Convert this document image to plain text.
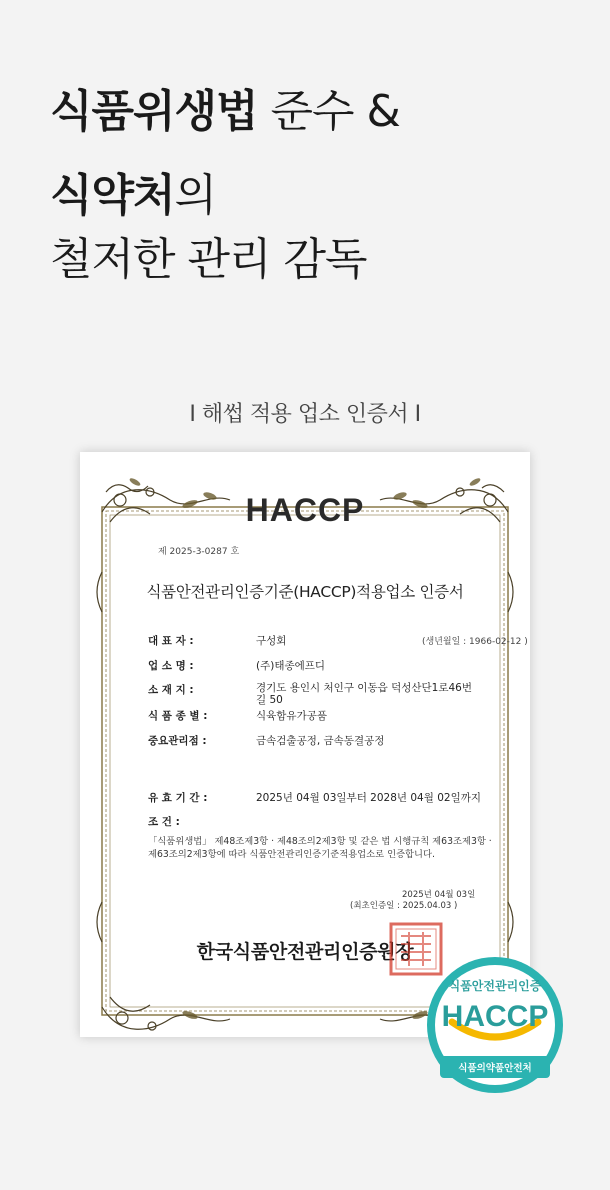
식품위생법 준수 &
식약처의
철저한 관리 감독
I 해썹 적용 업소 인증서 I
HACCP
제 2025-3-0287 호
식품안전관리인증기준(HACCP)적용업소 인증서
대 표 자 :	구성회	(생년월일 : 1966-02-12 )
업 소 명 :	(주)태종에프디
소 재 지 :	경기도 용인시 처인구 이동읍 덕성산단1로46번길 50
식 품 종 별 :	식육함유가공품
중요관리점 :	금속검출공정, 금속동결공정
유 효 기 간 :	2025년 04월 03일부터 2028년 04월 02일까지
조 건 :
「식품위생법」 제48조제3항 · 제48조의2제3항 및 같은 법 시행규칙 제63조제3항 · 제63조의2제3항에 따라 식품안전관리인증기준적용업소로 인증합니다.
2025년 04월 03일
(최초인증일 : 2025.04.03 )
한국식품안전관리인증원장
식품안전관리인증
HACCP
식품의약품안전처
